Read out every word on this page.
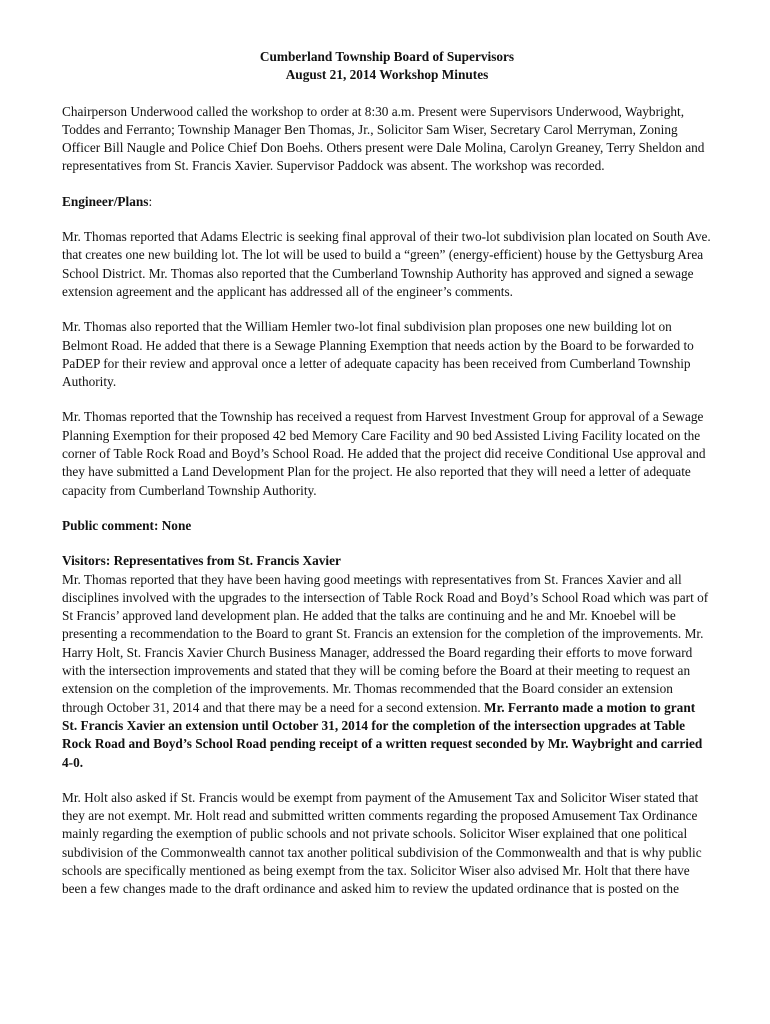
Cumberland Township Board of Supervisors
August 21, 2014 Workshop Minutes

Chairperson Underwood called the workshop to order at 8:30 a.m. Present were Supervisors Underwood, Waybright, Toddes and Ferranto; Township Manager Ben Thomas, Jr., Solicitor Sam Wiser, Secretary Carol Merryman, Zoning Officer Bill Naugle and Police Chief Don Boehs. Others present were Dale Molina, Carolyn Greaney, Terry Sheldon and representatives from St. Francis Xavier. Supervisor Paddock was absent. The workshop was recorded.

Engineer/Plans:

Mr. Thomas reported that Adams Electric is seeking final approval of their two-lot subdivision plan located on South Ave. that creates one new building lot. The lot will be used to build a “green” (energy-efficient) house by the Gettysburg Area School District. Mr. Thomas also reported that the Cumberland Township Authority has approved and signed a sewage extension agreement and the applicant has addressed all of the engineer’s comments.

Mr. Thomas also reported that the William Hemler two-lot final subdivision plan proposes one new building lot on Belmont Road. He added that there is a Sewage Planning Exemption that needs action by the Board to be forwarded to PaDEP for their review and approval once a letter of adequate capacity has been received from Cumberland Township Authority.

Mr. Thomas reported that the Township has received a request from Harvest Investment Group for approval of a Sewage Planning Exemption for their proposed 42 bed Memory Care Facility and 90 bed Assisted Living Facility located on the corner of Table Rock Road and Boyd’s School Road. He added that the project did receive Conditional Use approval and they have submitted a Land Development Plan for the project. He also reported that they will need a letter of adequate capacity from Cumberland Township Authority.

Public comment: None
Visitors: Representatives from St. Francis Xavier

Mr. Thomas reported that they have been having good meetings with representatives from St. Frances Xavier and all disciplines involved with the upgrades to the intersection of Table Rock Road and Boyd’s School Road which was part of St Francis’ approved land development plan. He added that the talks are continuing and he and Mr. Knoebel will be presenting a recommendation to the Board to grant St. Francis an extension for the completion of the improvements. Mr. Harry Holt, St. Francis Xavier Church Business Manager, addressed the Board regarding their efforts to move forward with the intersection improvements and stated that they will be coming before the Board at their meeting to request an extension on the completion of the improvements. Mr. Thomas recommended that the Board consider an extension through October 31, 2014 and that there may be a need for a second extension. Mr. Ferranto made a motion to grant St. Francis Xavier an extension until October 31, 2014 for the completion of the intersection upgrades at Table Rock Road and Boyd’s School Road pending receipt of a written request seconded by Mr. Waybright and carried 4-0.

Mr. Holt also asked if St. Francis would be exempt from payment of the Amusement Tax and Solicitor Wiser stated that they are not exempt. Mr. Holt read and submitted written comments regarding the proposed Amusement Tax Ordinance mainly regarding the exemption of public schools and not private schools. Solicitor Wiser explained that one political subdivision of the Commonwealth cannot tax another political subdivision of the Commonwealth and that is why public schools are specifically mentioned as being exempt from the tax. Solicitor Wiser also advised Mr. Holt that there have been a few changes made to the draft ordinance and asked him to review the updated ordinance that is posted on the
